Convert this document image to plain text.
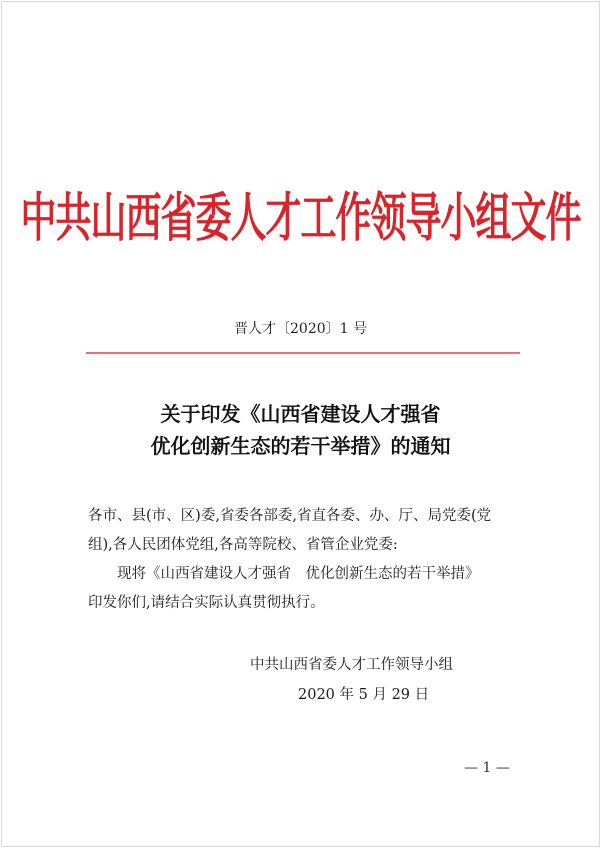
中共山西省委人才工作领导小组文件
晋人才〔2020〕1 号
关于印发《山西省建设人才强省
优化创新生态的若干举措》的通知
各市、县(市、区)委,省委各部委,省直各委、办、厅、局党委(党
组),各人民团体党组,各高等院校、省管企业党委:
现将《山西省建设人才强省　优化创新生态的若干举措》
印发你们,请结合实际认真贯彻执行。
中共山西省委人才工作领导小组
2020 年 5 月 29 日
— 1 —
